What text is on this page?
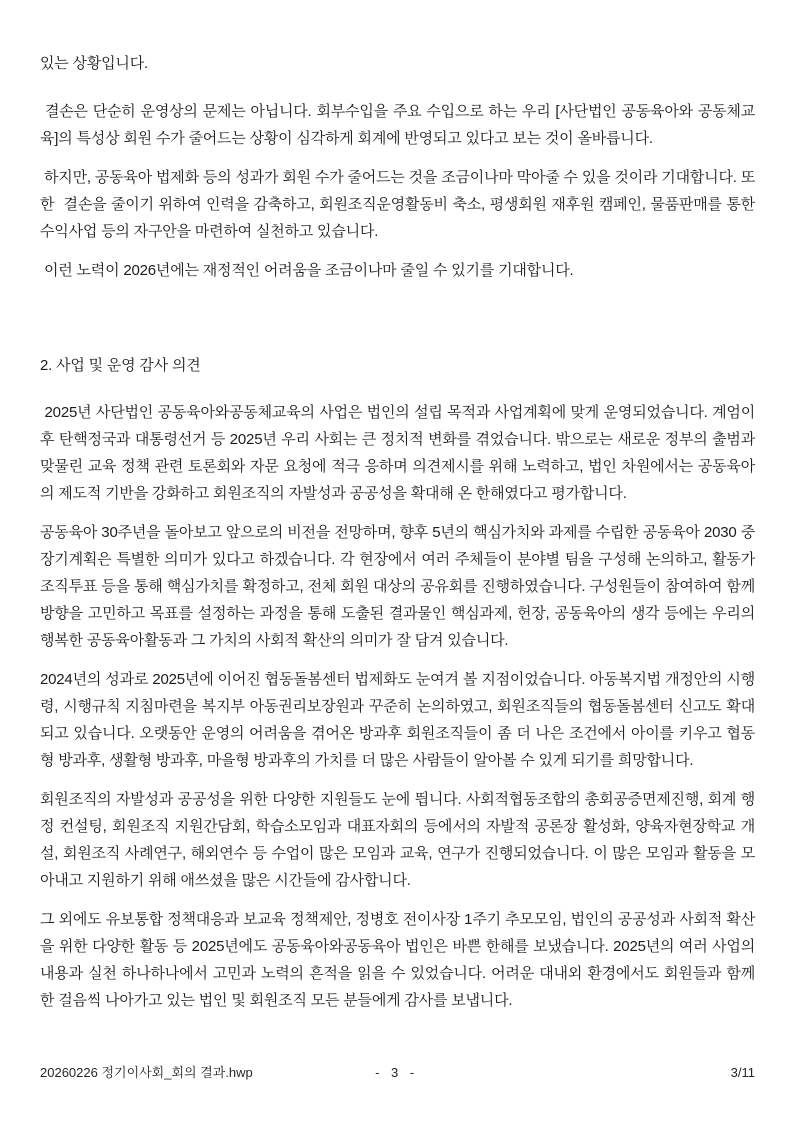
있는 상황입니다.

결손은 단순히 운영상의 문제는 아닙니다. 회부수입을 주요 수입으로 하는 우리 [사단법인 공동육아와 공동체교육]의 특성상 회원 수가 줄어드는 상황이 심각하게 회계에 반영되고 있다고 보는 것이 올바릅니다.

하지만, 공동육아 법제화 등의 성과가 회원 수가 줄어드는 것을 조금이나마 막아줄 수 있을 것이라 기대합니다. 또한  결손을 줄이기 위하여 인력을 감축하고, 회원조직운영활동비 축소, 평생회원 재후원 캠페인, 물품판매를 통한 수익사업 등의 자구안을 마련하여 실천하고 있습니다.

이런 노력이 2026년에는 재정적인 어려움을 조금이나마 줄일 수 있기를 기대합니다.

2. 사업 및 운영 감사 의견

2025년 사단법인 공동육아와공동체교육의 사업은 법인의 설립 목적과 사업계획에 맞게 운영되었습니다. 계엄이후 탄핵정국과 대통령선거 등 2025년 우리 사회는 큰 정치적 변화를 겪었습니다. 밖으로는 새로운 정부의 출범과 맞물린 교육 정책 관련 토론회와 자문 요청에 적극 응하며 의견제시를 위해 노력하고, 법인 차원에서는 공동육아의 제도적 기반을 강화하고 회원조직의 자발성과 공공성을 확대해 온 한해였다고 평가합니다.

공동육아 30주년을 돌아보고 앞으로의 비전을 전망하며, 향후 5년의 핵심가치와 과제를 수립한 공동육아 2030 중장기계획은 특별한 의미가 있다고 하겠습니다. 각 현장에서 여러 주체들이 분야별 팀을 구성해 논의하고, 활동가 조직투표 등을 통해 핵심가치를 확정하고, 전체 회원 대상의 공유회를 진행하였습니다. 구성원들이 참여하여 함께 방향을 고민하고 목표를 설정하는 과정을 통해 도출된 결과물인 핵심과제, 헌장, 공동육아의 생각 등에는 우리의 행복한 공동육아활동과 그 가치의 사회적 확산의 의미가 잘 담겨 있습니다.

2024년의 성과로 2025년에 이어진 협동돌봄센터 법제화도 눈여겨 볼 지점이었습니다. 아동복지법 개정안의 시행령, 시행규칙 지침마련을 복지부 아동권리보장원과 꾸준히 논의하였고, 회원조직들의 협동돌봄센터 신고도 확대되고 있습니다. 오랫동안 운영의 어려움을 겪어온 방과후 회원조직들이 좀 더 나은 조건에서 아이를 키우고 협동형 방과후, 생활형 방과후, 마을형 방과후의 가치를 더 많은 사람들이 알아볼 수 있게 되기를 희망합니다.

회원조직의 자발성과 공공성을 위한 다양한 지원들도 눈에 띕니다. 사회적협동조합의 총회공증면제진행, 회계 행정 컨설팅, 회원조직 지원간담회, 학습소모임과 대표자회의 등에서의 자발적 공론장 활성화, 양육자현장학교 개설, 회원조직 사례연구, 해외연수 등 수업이 많은 모임과 교육, 연구가 진행되었습니다. 이 많은 모임과 활동을 모아내고 지원하기 위해 애쓰셨을 많은 시간들에 감사합니다.

그 외에도 유보통합 정책대응과 보교육 정책제안, 정병호 전이사장 1주기 추모모임, 법인의 공공성과 사회적 확산을 위한 다양한 활동 등 2025년에도 공동육아와공동육아 법인은 바쁜 한해를 보냈습니다. 2025년의 여러 사업의 내용과 실천 하나하나에서 고민과 노력의 흔적을 읽을 수 있었습니다. 어려운 대내외 환경에서도 회원들과 함께 한 걸음씩 나아가고 있는 법인 및 회원조직 모든 분들에게 감사를 보냅니다.

20260226 정기이사회_회의 결과.hwp	- 3 -	3/11
